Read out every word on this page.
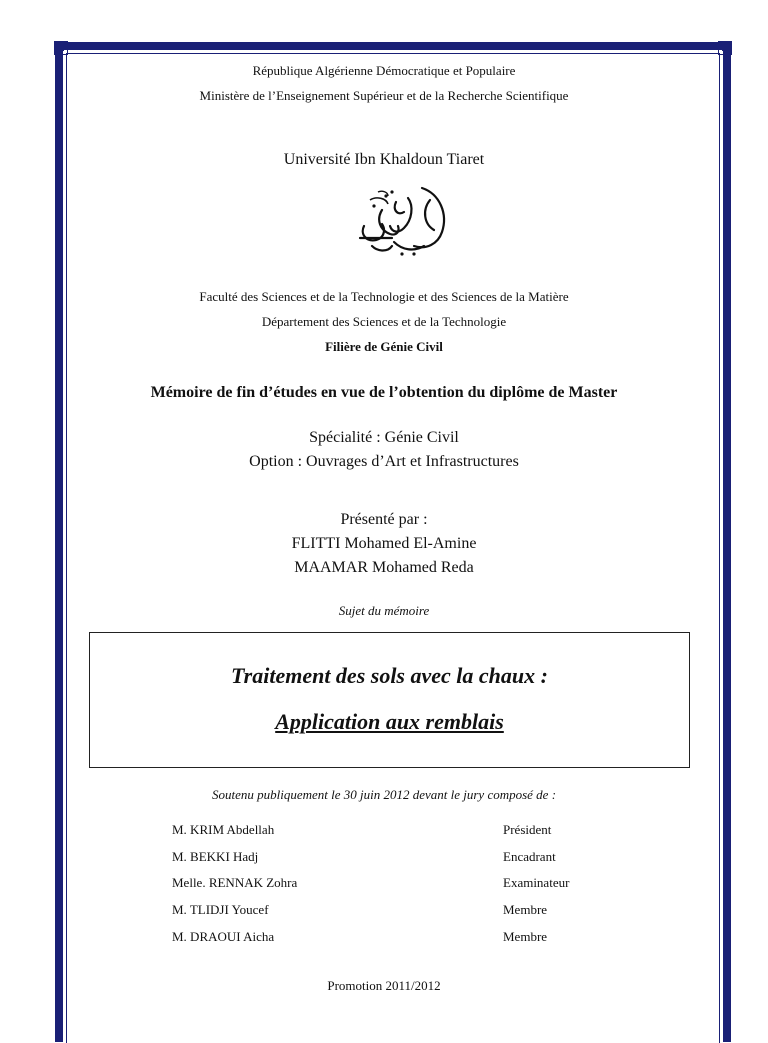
République Algérienne Démocratique et Populaire
Ministère de l’Enseignement Supérieur et de la Recherche Scientifique
Université Ibn Khaldoun Tiaret
Faculté des Sciences et de la Technologie et des Sciences de la Matière
Département des Sciences et de la Technologie
Filière de Génie Civil
Mémoire de fin d’études en vue de l’obtention du diplôme de Master
Spécialité : Génie Civil
Option : Ouvrages d’Art et Infrastructures
Présenté par :
FLITTI Mohamed El-Amine
MAAMAR Mohamed Reda
Sujet du mémoire
Traitement des sols avec la chaux :
Application aux remblais
Soutenu publiquement le 30 juin 2012 devant le jury composé de :
M. KRIM Abdellah	Président
M. BEKKI Hadj	Encadrant
Melle. RENNAK Zohra	Examinateur
M. TLIDJI Youcef	Membre
M. DRAOUI Aicha	Membre
Promotion 2011/2012
